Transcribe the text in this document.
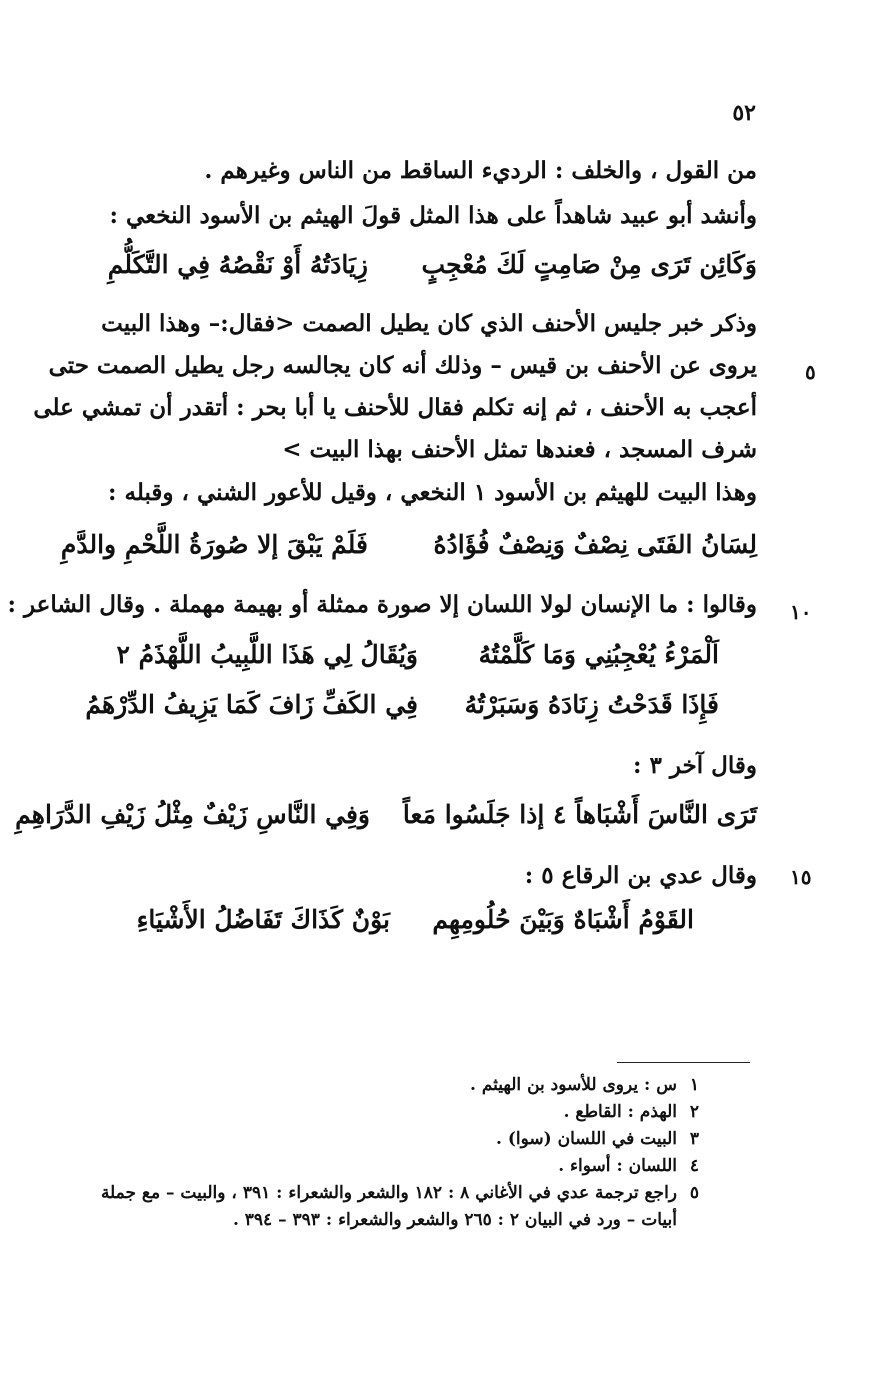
٥٢
من القول ، والخلف : الرديء الساقط من الناس وغيرهم .
وأنشد أبو عبيد شاهداً على هذا المثل قولَ الهيثم بن الأسود النخعي :
وَكَائِن تَرَى مِنْ صَامِتٍ لَكَ مُعْجِبٍ
زِيَادَتُهُ أَوْ نَقْصُهُ فِي التَّكَلُّمِ
وذكر خبر جليس الأحنف الذي كان يطيل الصمت <فقال:– وهذا البيت
يروى عن الأحنف بن قيس – وذلك أنه كان يجالسه رجل يطيل الصمت حتى ٥
أعجب به الأحنف ، ثم إنه تكلم فقال للأحنف يا أبا بحر : أتقدر أن تمشي على
شرف المسجد ، فعندها تمثل الأحنف بهذا البيت >
وهذا البيت للهيثم بن الأسود ١ النخعي ، وقيل للأعور الشني ، وقبله :
لِسَانُ الفَتَى نِصْفٌ وَنِصْفٌ فُؤَادُهُ
فَلَمْ يَبْقَ إلا صُورَةُ اللَّحْمِ والدَّمِ
١٠
وقالوا : ما الإنسان لولا اللسان إلا صورة ممثلة أو بهيمة مهملة . وقال الشاعر :
اَلْمَرْءُ يُعْجِبُنِي وَمَا كَلَّمْتُهُ
وَيُقَالُ لِي هَذَا اللَّبِيبُ اللَّهْذَمُ ٢
فَإِذَا قَدَحْتُ زِنَادَهُ وَسَبَرْتُهُ
فِي الكَفِّ زَافَ كَمَا يَزِيفُ الدِّرْهَمُ
وقال آخر ٣ :
تَرَى النَّاسَ أَشْبَاهاً ٤ إذا جَلَسُوا مَعاً
وَفِي النَّاسِ زَيْفٌ مِثْلُ زَيْفِ الدَّرَاهِمِ
١٥
وقال عدي بن الرقاع ٥ :
القَوْمُ أَشْبَاهٌ وَبَيْنَ حُلُومِهِم
بَوْنٌ كَذَاكَ تَفَاضُلُ الأَشْيَاءِ
١س : يروى للأسود بن الهيثم .
٢الهذم : القاطع .
٣البيت في اللسان (سوا) .
٤اللسان : أسواء .
٥راجع ترجمة عدي في الأغاني ٨ : ١٨٢ والشعر والشعراء : ٣٩١ ، والبيت – مع جملة
أبيات – ورد في البيان ٢ : ٢٦٥ والشعر والشعراء : ٣٩٣ – ٣٩٤ .
